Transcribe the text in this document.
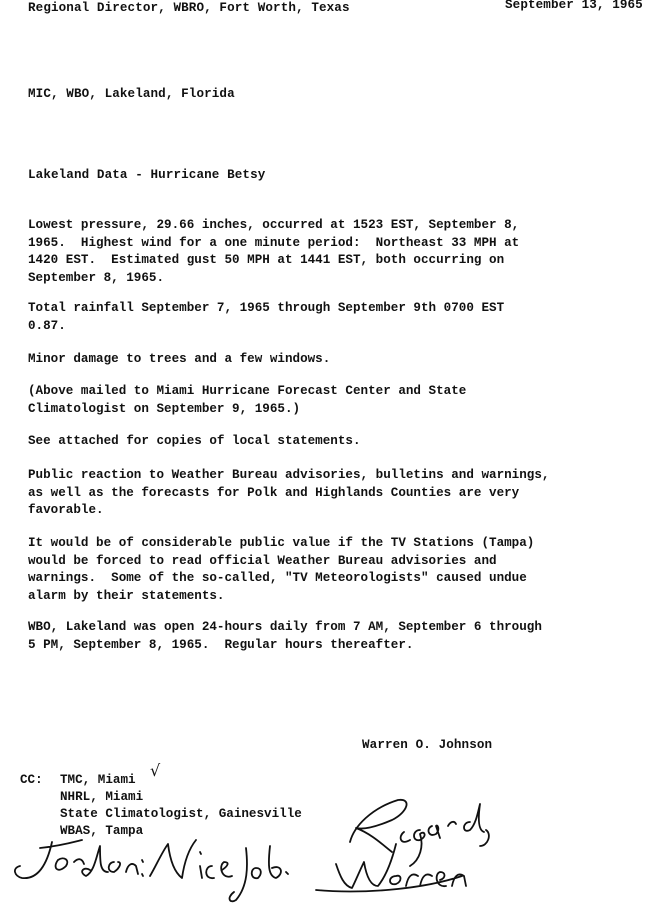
Regional Director, WBRO, Fort Worth, Texas	September 13, 1965
MIC, WBO, Lakeland, Florida
Lakeland Data - Hurricane Betsy
Lowest pressure, 29.66 inches, occurred at 1523 EST, September 8,
1965.  Highest wind for a one minute period:  Northeast 33 MPH at
1420 EST.  Estimated gust 50 MPH at 1441 EST, both occurring on
September 8, 1965.
Total rainfall September 7, 1965 through September 9th 0700 EST
0.87.
Minor damage to trees and a few windows.
(Above mailed to Miami Hurricane Forecast Center and State
Climatologist on September 9, 1965.)
See attached for copies of local statements.
Public reaction to Weather Bureau advisories, bulletins and warnings,
as well as the forecasts for Polk and Highlands Counties are very
favorable.
It would be of considerable public value if the TV Stations (Tampa)
would be forced to read official Weather Bureau advisories and
warnings.  Some of the so-called, "TV Meteorologists" caused undue
alarm by their statements.
WBO, Lakeland was open 24-hours daily from 7 AM, September 6 through
5 PM, September 8, 1965.  Regular hours thereafter.
Warren O. Johnson
CC: TMC, Miami
NHRL, Miami
State Climatologist, Gainesville
WBAS, Tampa
√
